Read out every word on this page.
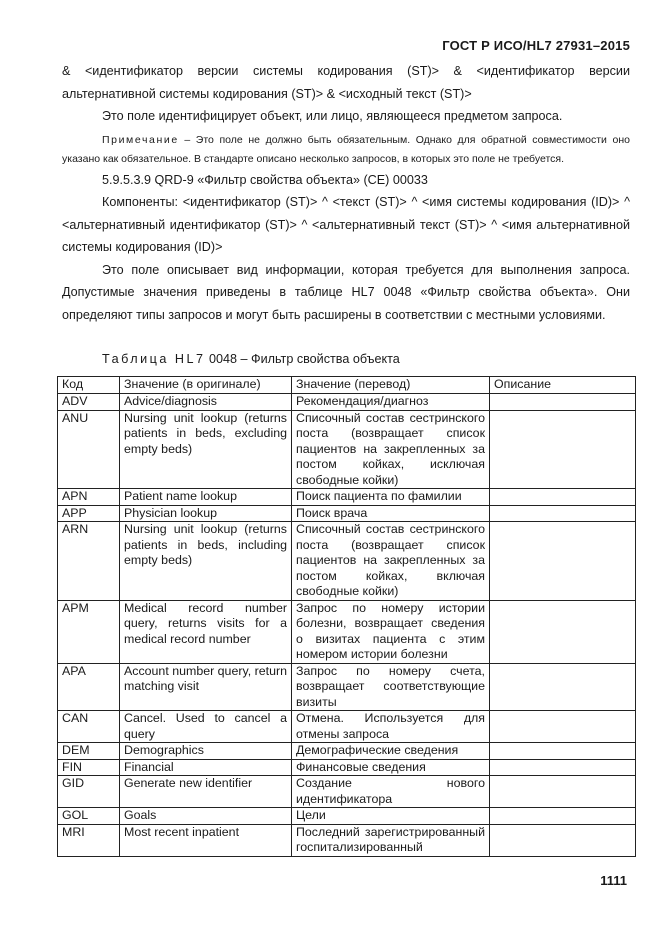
ГОСТ Р ИСО/HL7 27931–2015

& <идентификатор версии системы кодирования (ST)> & <идентификатор версии альтернативной системы кодирования (ST)> & <исходный текст (ST)>

Это поле идентифицирует объект, или лицо, являющееся предметом запроса.

Примечание – Это поле не должно быть обязательным. Однако для обратной совместимости оно указано как обязательное. В стандарте описано несколько запросов, в которых это поле не требуется.

5.9.5.3.9 QRD-9 «Фильтр свойства объекта» (CE) 00033

Компоненты: <идентификатор (ST)> ^ <текст (ST)> ^ <имя системы кодирования (ID)> ^ <альтернативный идентификатор (ST)> ^ <альтернативный текст (ST)> ^ <имя альтернативной системы кодирования (ID)>

Это поле описывает вид информации, которая требуется для выполнения запроса. Допустимые значения приведены в таблице HL7 0048 «Фильтр свойства объекта». Они определяют типы запросов и могут быть расширены в соответствии с местными условиями.

Таблица HL7 0048 – Фильтр свойства объекта
Код	Значение (в оригинале)	Значение (перевод)	Описание
ADV	Advice/diagnosis	Рекомендация/диагноз	
ANU	Nursing unit lookup (returns patients in beds, excluding empty beds)	Списочный состав сестринского поста (возвращает список пациентов на закрепленных за постом койках, исключая свободные койки)	
APN	Patient name lookup	Поиск пациента по фамилии	
APP	Physician lookup	Поиск врача	
ARN	Nursing unit lookup (returns patients in beds, including empty beds)	Списочный состав сестринского поста (возвращает список пациентов на закрепленных за постом койках, включая свободные койки)	
APM	Medical record number query, returns visits for a medical record number	Запрос по номеру истории болезни, возвращает сведения о визитах пациента с этим номером истории болезни	
APA	Account number query, return matching visit	Запрос по номеру счета, возвращает соответствующие визиты	
CAN	Cancel. Used to cancel a query	Отмена. Используется для отмены запроса	
DEM	Demographics	Демографические сведения	
FIN	Financial	Финансовые сведения	
GID	Generate new identifier	Создание нового идентификатора	
GOL	Goals	Цели	
MRI	Most recent inpatient	Последний зарегистрированный госпитализированный	
1111
